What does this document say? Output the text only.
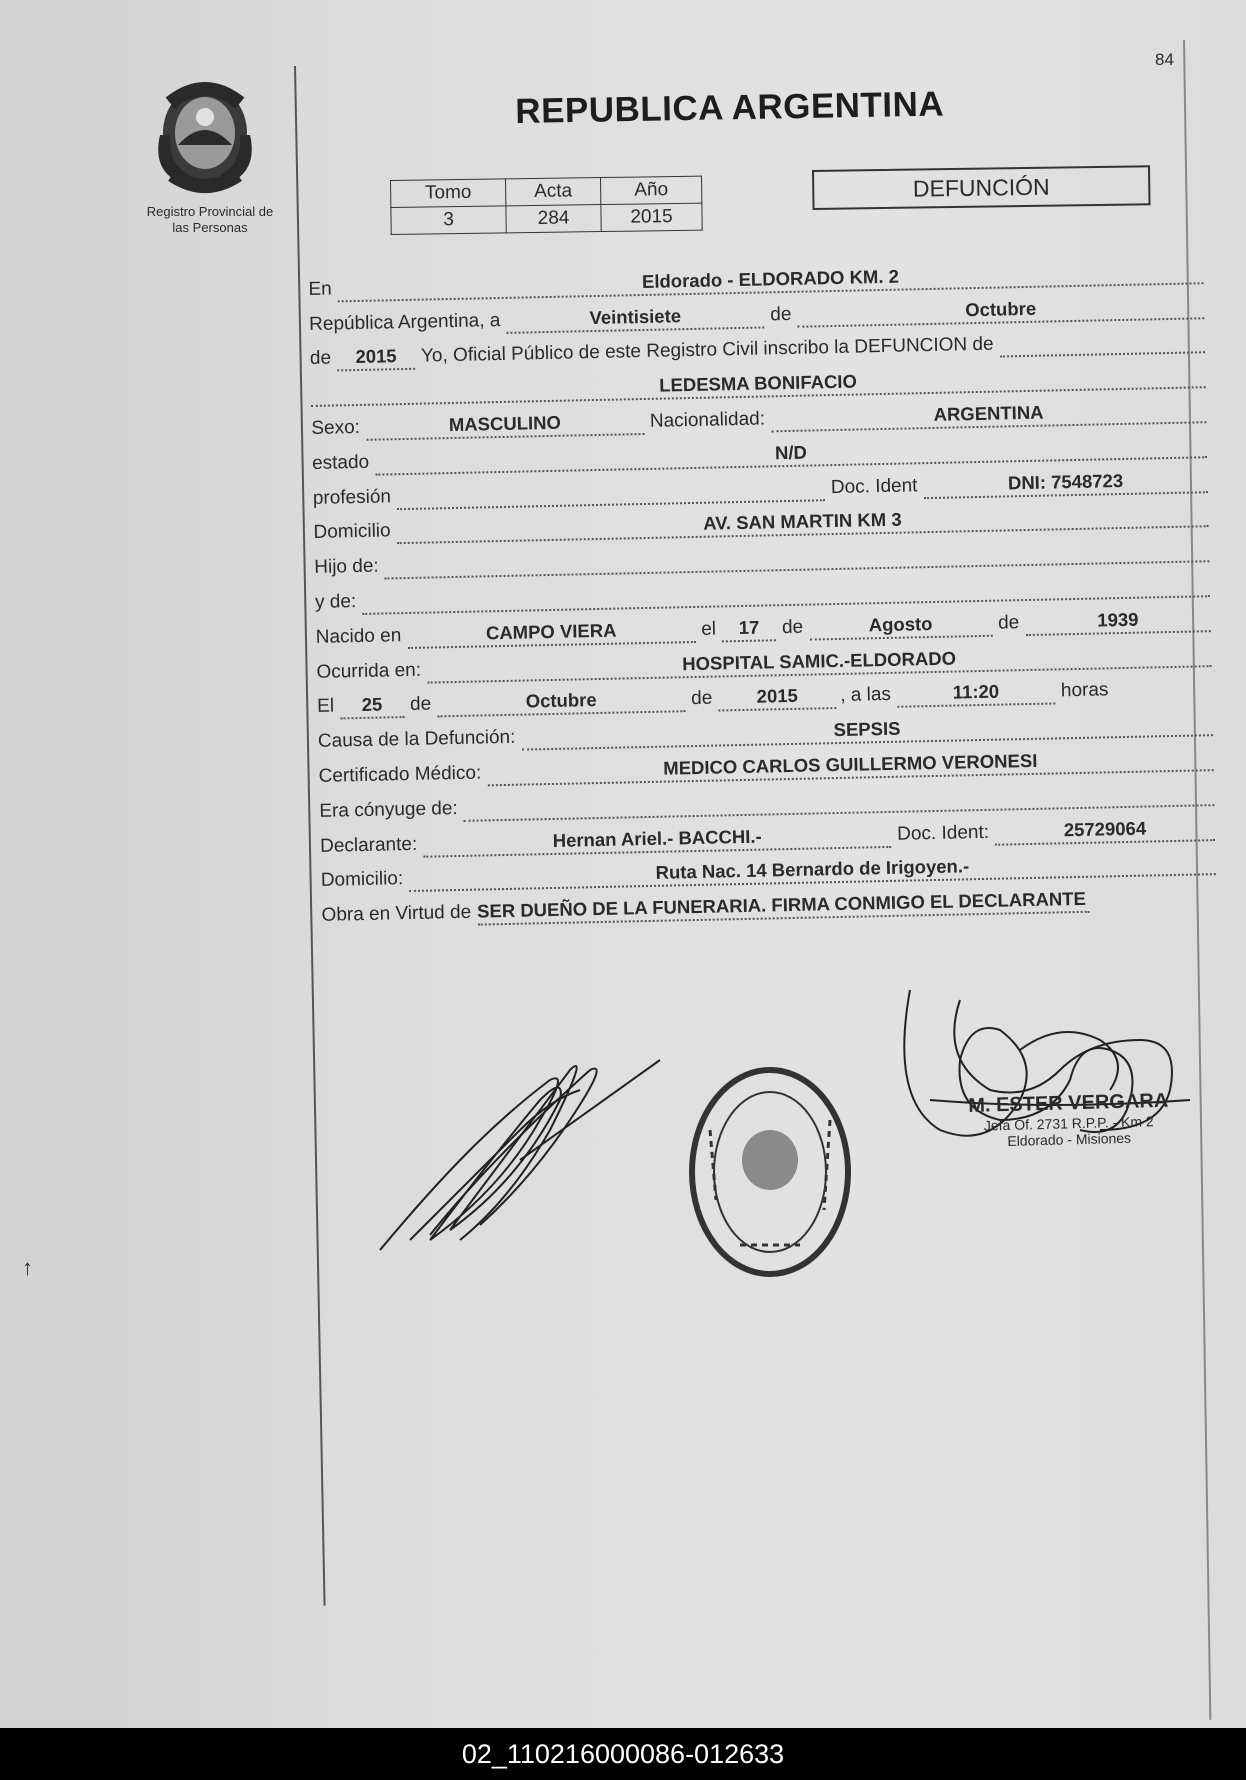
84
Registro Provincial de
las Personas
REPUBLICA ARGENTINA
Tomo	Acta	Año
3	284	2015
DEFUNCIÓN
En	Eldorado - ELDORADO KM. 2
República Argentina, a	Veintisiete	de	Octubre
de	2015	Yo, Oficial Público de este Registro Civil inscribo la DEFUNCION de
LEDESMA BONIFACIO
Sexo:	MASCULINO	Nacionalidad:	ARGENTINA
estado	N/D
profesión	Doc. Ident	DNI: 7548723
Domicilio	AV. SAN MARTIN KM 3
Hijo de:
y de:
Nacido en	CAMPO VIERA	el	17	de	Agosto	de	1939
Ocurrida en:	HOSPITAL SAMIC.-ELDORADO
El	25	de	Octubre	de	2015	, a las	11:20	horas
Causa de la Defunción:	SEPSIS
Certificado Médico:	MEDICO CARLOS GUILLERMO VERONESI
Era cónyuge de:
Declarante:	Hernan Ariel.- BACCHI.-	Doc. Ident:	25729064
Domicilio:	Ruta Nac. 14 Bernardo de Irigoyen.-
Obra en Virtud de SER DUEÑO DE LA FUNERARIA. FIRMA CONMIGO EL DECLARANTE
M. ESTER VERGARA
Jefa Of. 2731 R.P.P. - Km 2
Eldorado - Misiones
↑
02_110216000086-012633
